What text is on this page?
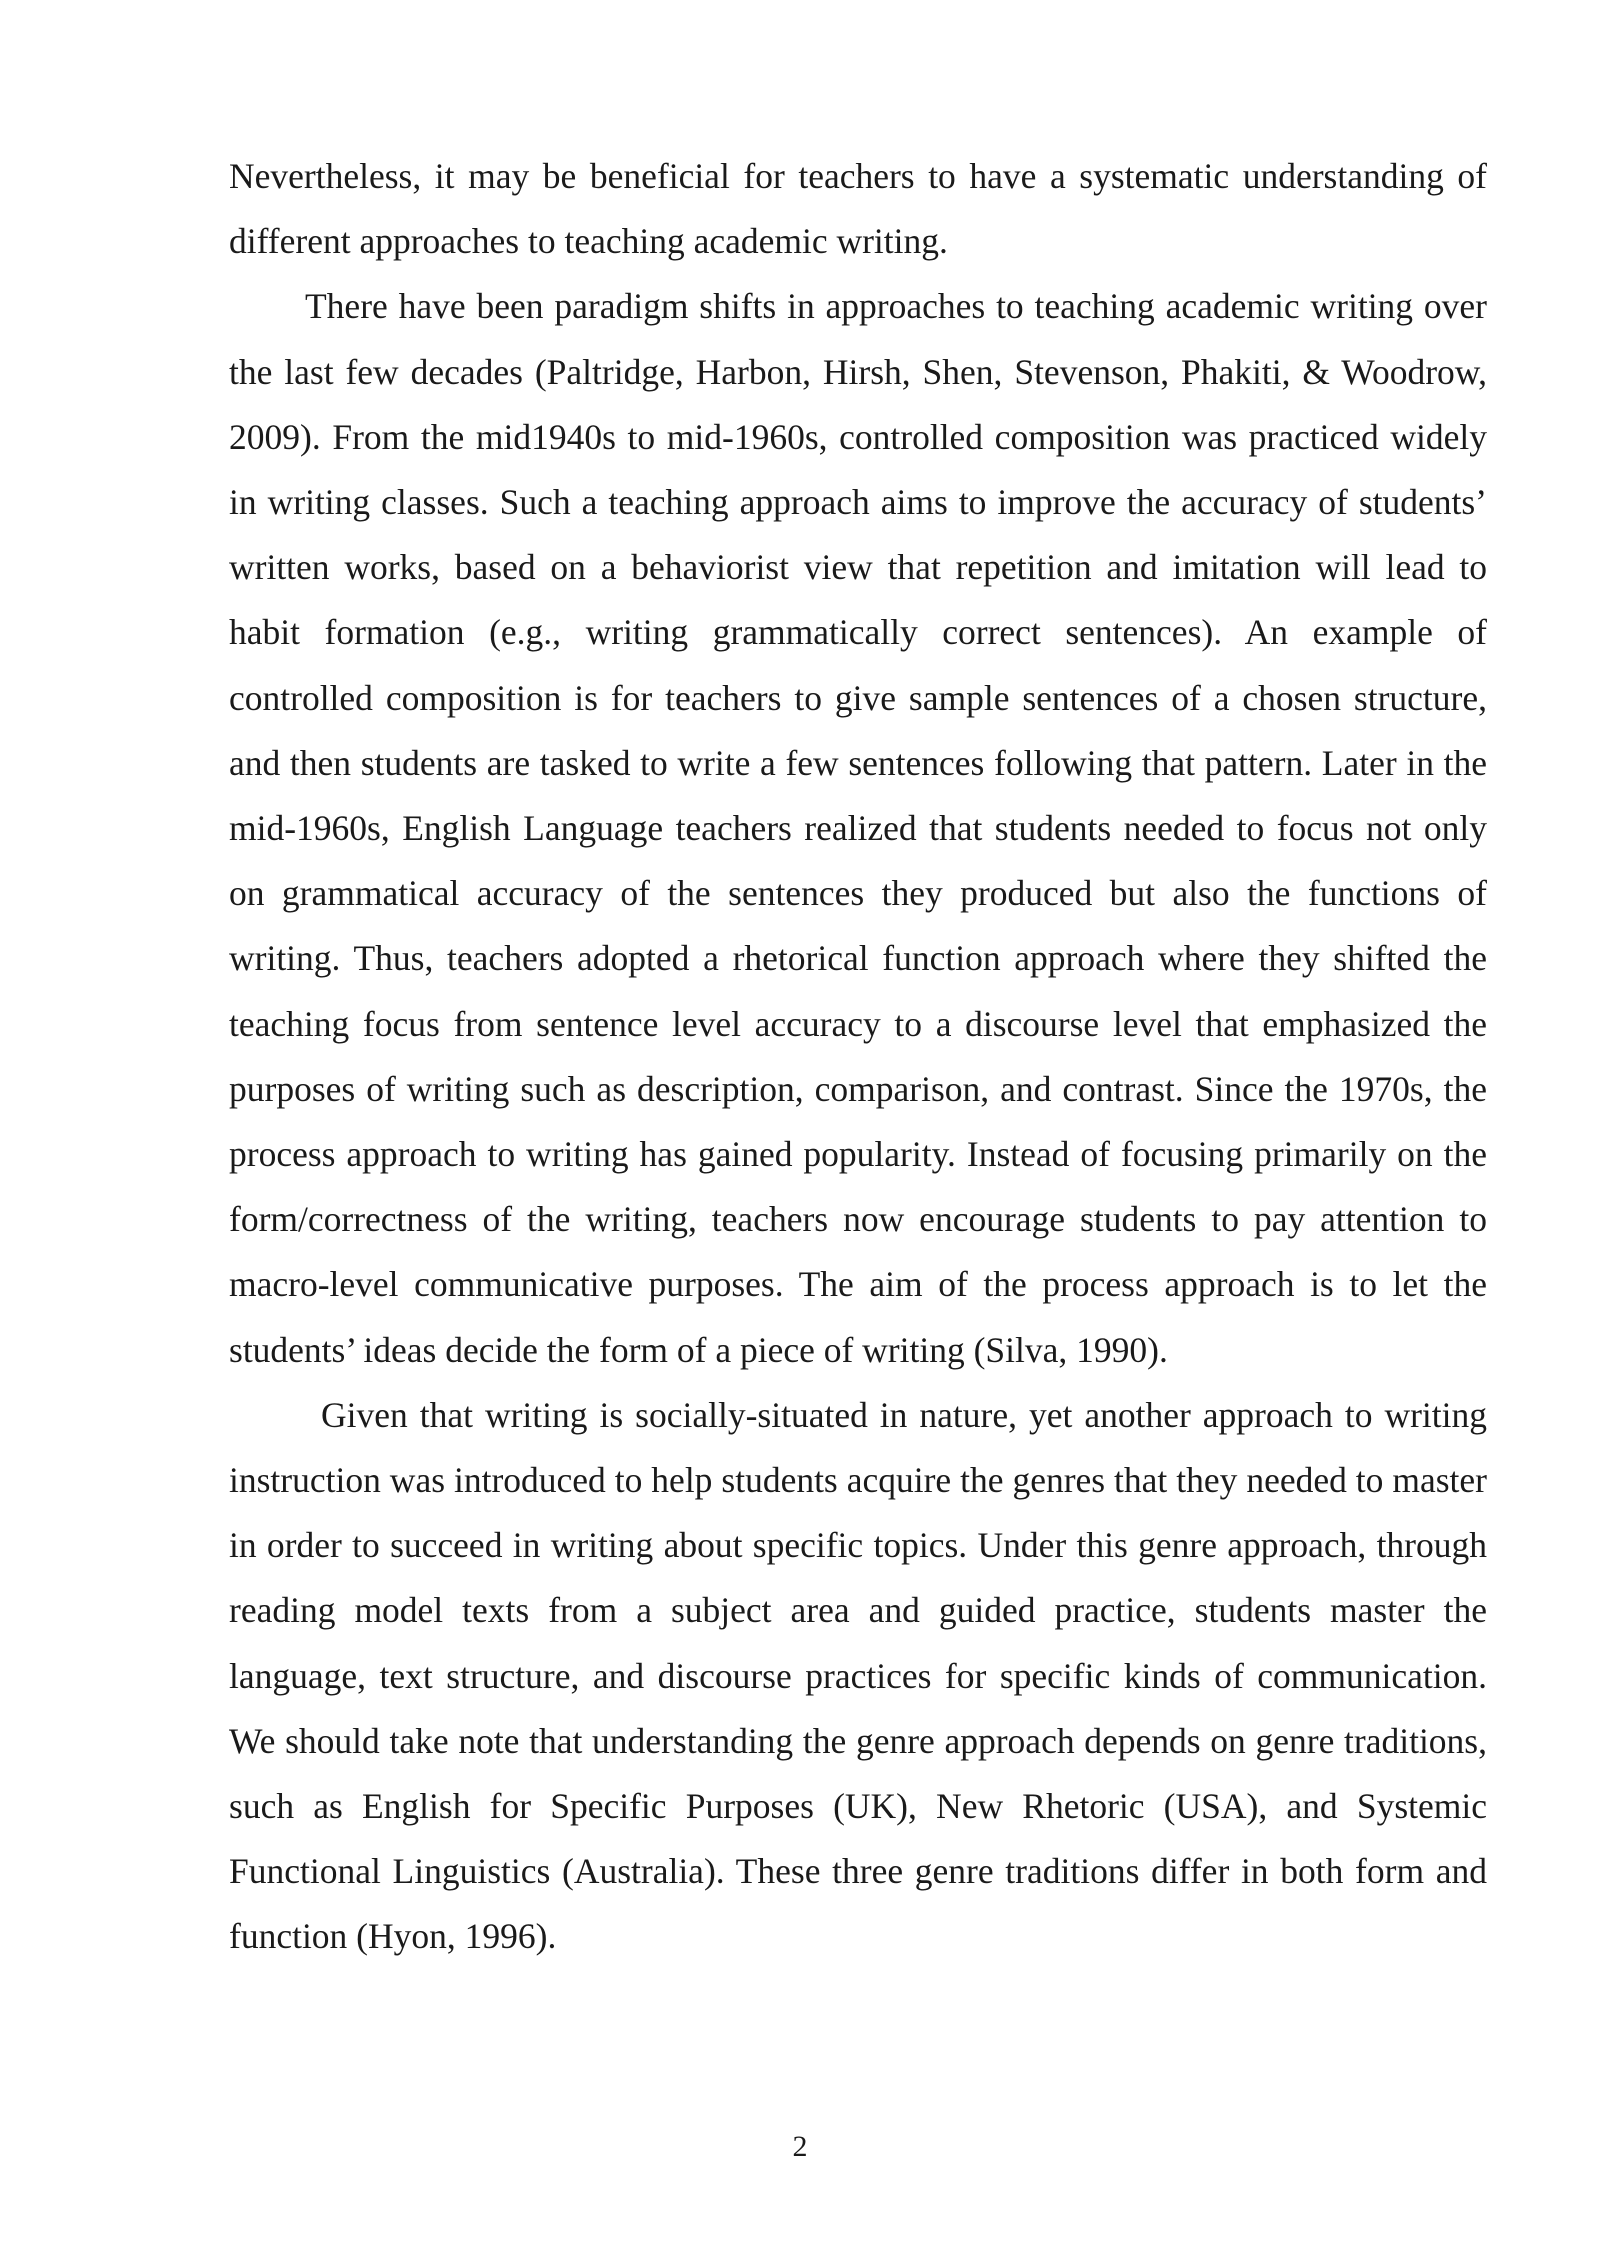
Nevertheless, it may be beneficial for teachers to have a systematic understanding of different approaches to teaching academic writing.

There have been paradigm shifts in approaches to teaching academic writing over the last few decades (Paltridge, Harbon, Hirsh, Shen, Stevenson, Phakiti, & Woodrow, 2009). From the mid1940s to mid-1960s, controlled composition was practiced widely in writing classes. Such a teaching approach aims to improve the accuracy of students’ written works, based on a behaviorist view that repetition and imitation will lead to habit formation (e.g., writing grammatically correct sentences). An example of controlled composition is for teachers to give sample sentences of a chosen structure, and then students are tasked to write a few sentences following that pattern. Later in the mid-1960s, English Language teachers realized that students needed to focus not only on grammatical accuracy of the sentences they produced but also the functions of writing. Thus, teachers adopted a rhetorical function approach where they shifted the teaching focus from sentence level accuracy to a discourse level that emphasized the purposes of writing such as description, comparison, and contrast. Since the 1970s, the process approach to writing has gained popularity. Instead of focusing primarily on the form/correctness of the writing, teachers now encourage students to pay attention to macro-level communicative purposes. The aim of the process approach is to let the students’ ideas decide the form of a piece of writing (Silva, 1990).

Given that writing is socially-situated in nature, yet another approach to writing instruction was introduced to help students acquire the genres that they needed to master in order to succeed in writing about specific topics. Under this genre approach, through reading model texts from a subject area and guided practice, students master the language, text structure, and discourse practices for specific kinds of communication. We should take note that understanding the genre approach depends on genre traditions, such as English for Specific Purposes (UK), New Rhetoric (USA), and Systemic Functional Linguistics (Australia). These three genre traditions differ in both form and function (Hyon, 1996).

2
